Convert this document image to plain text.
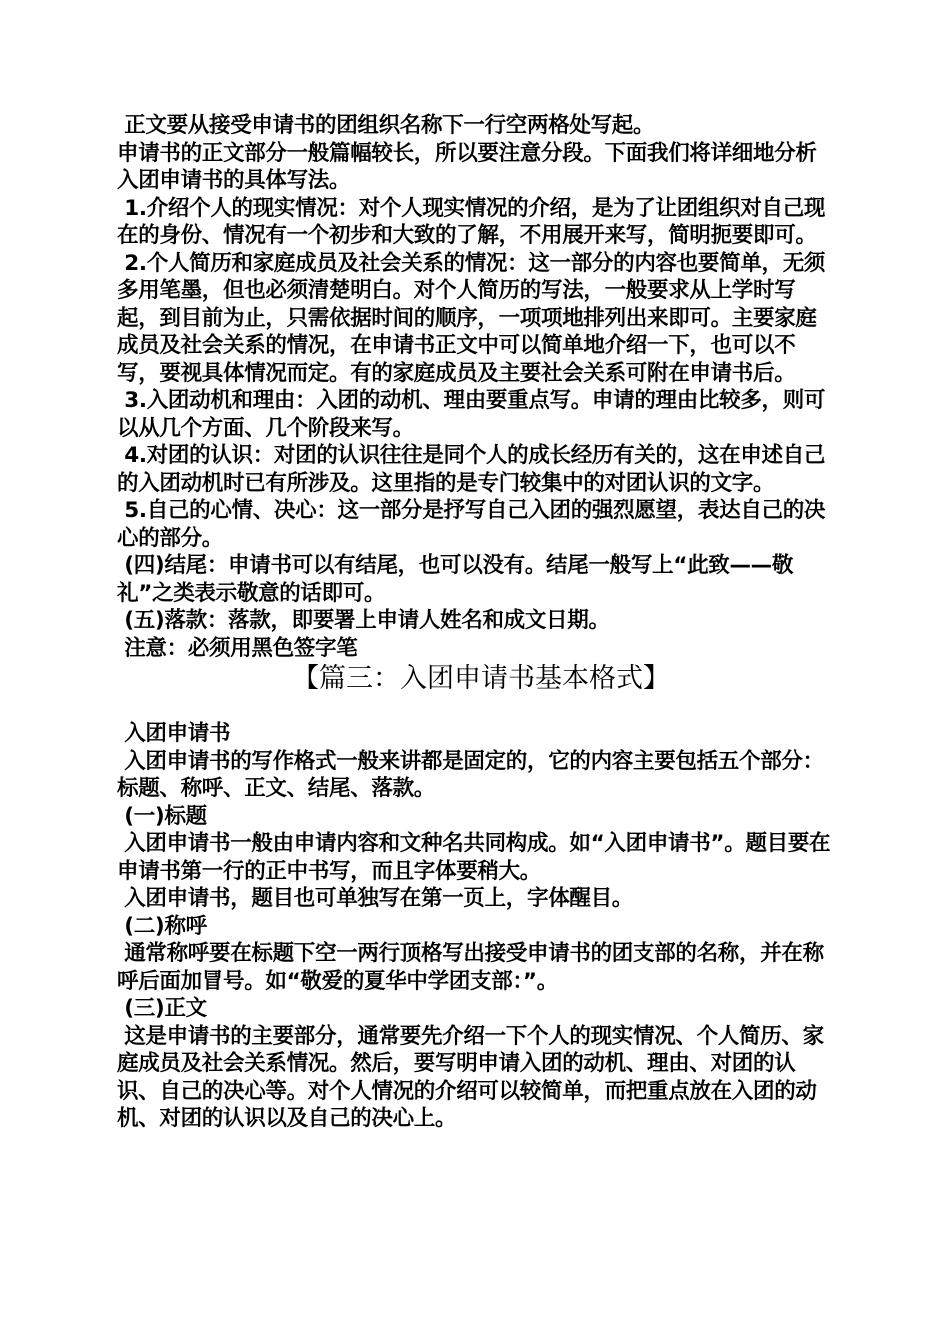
正文要从接受申请书的团组织名称下一行空两格处写起。

申请书的正文部分一般篇幅较长，所以要注意分段。下面我们将详细地分析入团申请书的具体写法。

1.介绍个人的现实情况：对个人现实情况的介绍，是为了让团组织对自己现在的身份、情况有一个初步和大致的了解，不用展开来写，简明扼要即可。

2.个人简历和家庭成员及社会关系的情况：这一部分的内容也要简单，无须多用笔墨，但也必须清楚明白。对个人简历的写法，一般要求从上学时写起，到目前为止，只需依据时间的顺序，一项项地排列出来即可。主要家庭成员及社会关系的情况，在申请书正文中可以简单地介绍一下，也可以不写，要视具体情况而定。有的家庭成员及主要社会关系可附在申请书后。

3.入团动机和理由：入团的动机、理由要重点写。申请的理由比较多，则可以从几个方面、几个阶段来写。

4.对团的认识：对团的认识往往是同个人的成长经历有关的，这在申述自己的入团动机时已有所涉及。这里指的是专门较集中的对团认识的文字。

5.自己的心情、决心：这一部分是抒写自己入团的强烈愿望，表达自己的决心的部分。

(四)结尾：申请书可以有结尾，也可以没有。结尾一般写上“此致——敬礼”之类表示敬意的话即可。

(五)落款：落款，即要署上申请人姓名和成文日期。

注意：必须用黑色签字笔

【篇三：入团申请书基本格式】

入团申请书

入团申请书的写作格式一般来讲都是固定的，它的内容主要包括五个部分：标题、称呼、正文、结尾、落款。

(一)标题

入团申请书一般由申请内容和文种名共同构成。如“入团申请书”。题目要在申请书第一行的正中书写，而且字体要稍大。

入团申请书，题目也可单独写在第一页上，字体醒目。

(二)称呼

通常称呼要在标题下空一两行顶格写出接受申请书的团支部的名称，并在称呼后面加冒号。如“敬爱的夏华中学团支部：”。

(三)正文

这是申请书的主要部分，通常要先介绍一下个人的现实情况、个人简历、家庭成员及社会关系情况。然后，要写明申请入团的动机、理由、对团的认识、自己的决心等。对个人情况的介绍可以较简单，而把重点放在入团的动机、对团的认识以及自己的决心上。
